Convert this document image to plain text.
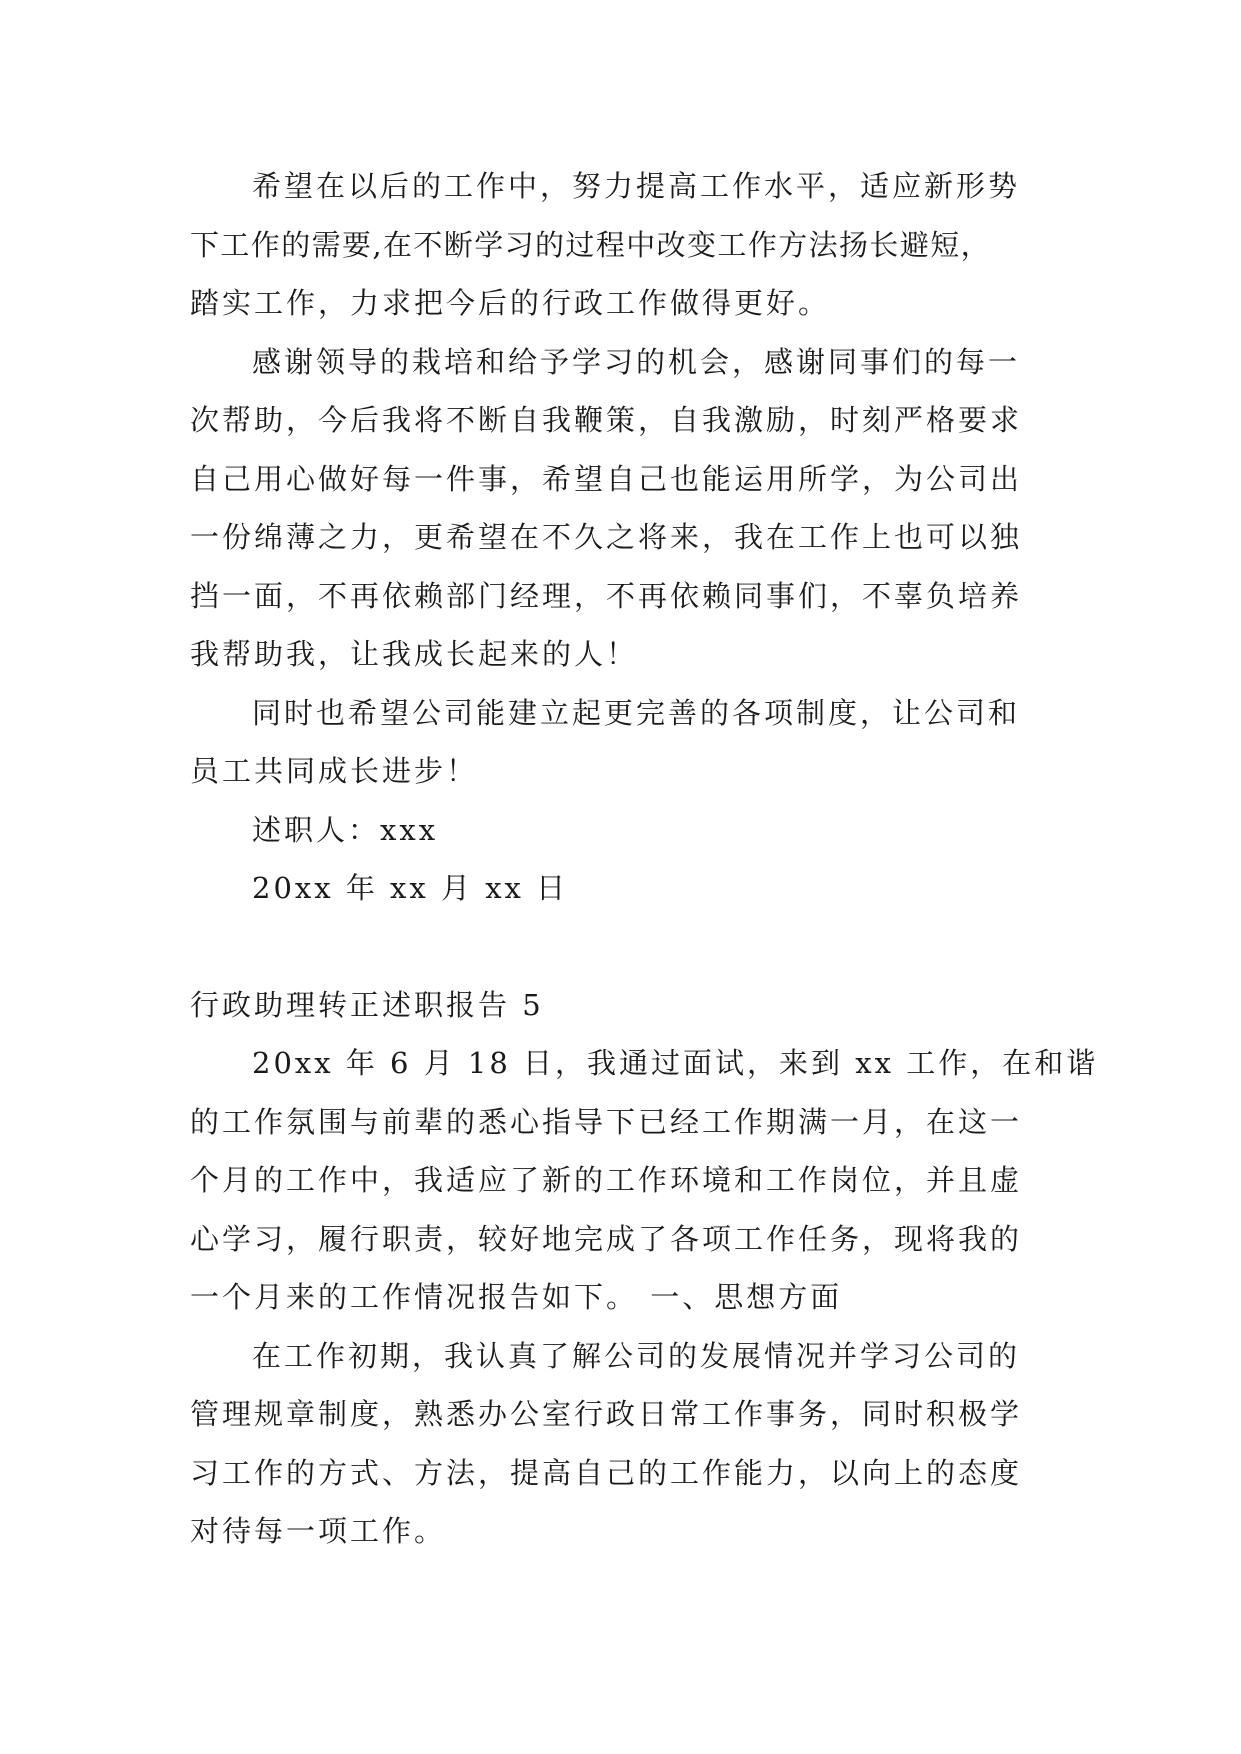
希望在以后的工作中，努力提高工作水平，适应新形势
下工作的需要,在不断学习的过程中改变工作方法扬长避短，
踏实工作，力求把今后的行政工作做得更好。
感谢领导的栽培和给予学习的机会，感谢同事们的每一
次帮助，今后我将不断自我鞭策，自我激励，时刻严格要求
自己用心做好每一件事，希望自己也能运用所学，为公司出
一份绵薄之力，更希望在不久之将来，我在工作上也可以独
挡一面，不再依赖部门经理，不再依赖同事们，不辜负培养
我帮助我，让我成长起来的人！
同时也希望公司能建立起更完善的各项制度，让公司和
员工共同成长进步！
述职人：xxx
20xx 年 xx 月 xx 日
行政助理转正述职报告 5
20xx 年 6 月 18 日，我通过面试，来到 xx 工作，在和谐
的工作氛围与前辈的悉心指导下已经工作期满一月，在这一
个月的工作中，我适应了新的工作环境和工作岗位，并且虚
心学习，履行职责，较好地完成了各项工作任务，现将我的
一个月来的工作情况报告如下。 一、思想方面
在工作初期，我认真了解公司的发展情况并学习公司的
管理规章制度，熟悉办公室行政日常工作事务，同时积极学
习工作的方式、方法，提高自己的工作能力，以向上的态度
对待每一项工作。
